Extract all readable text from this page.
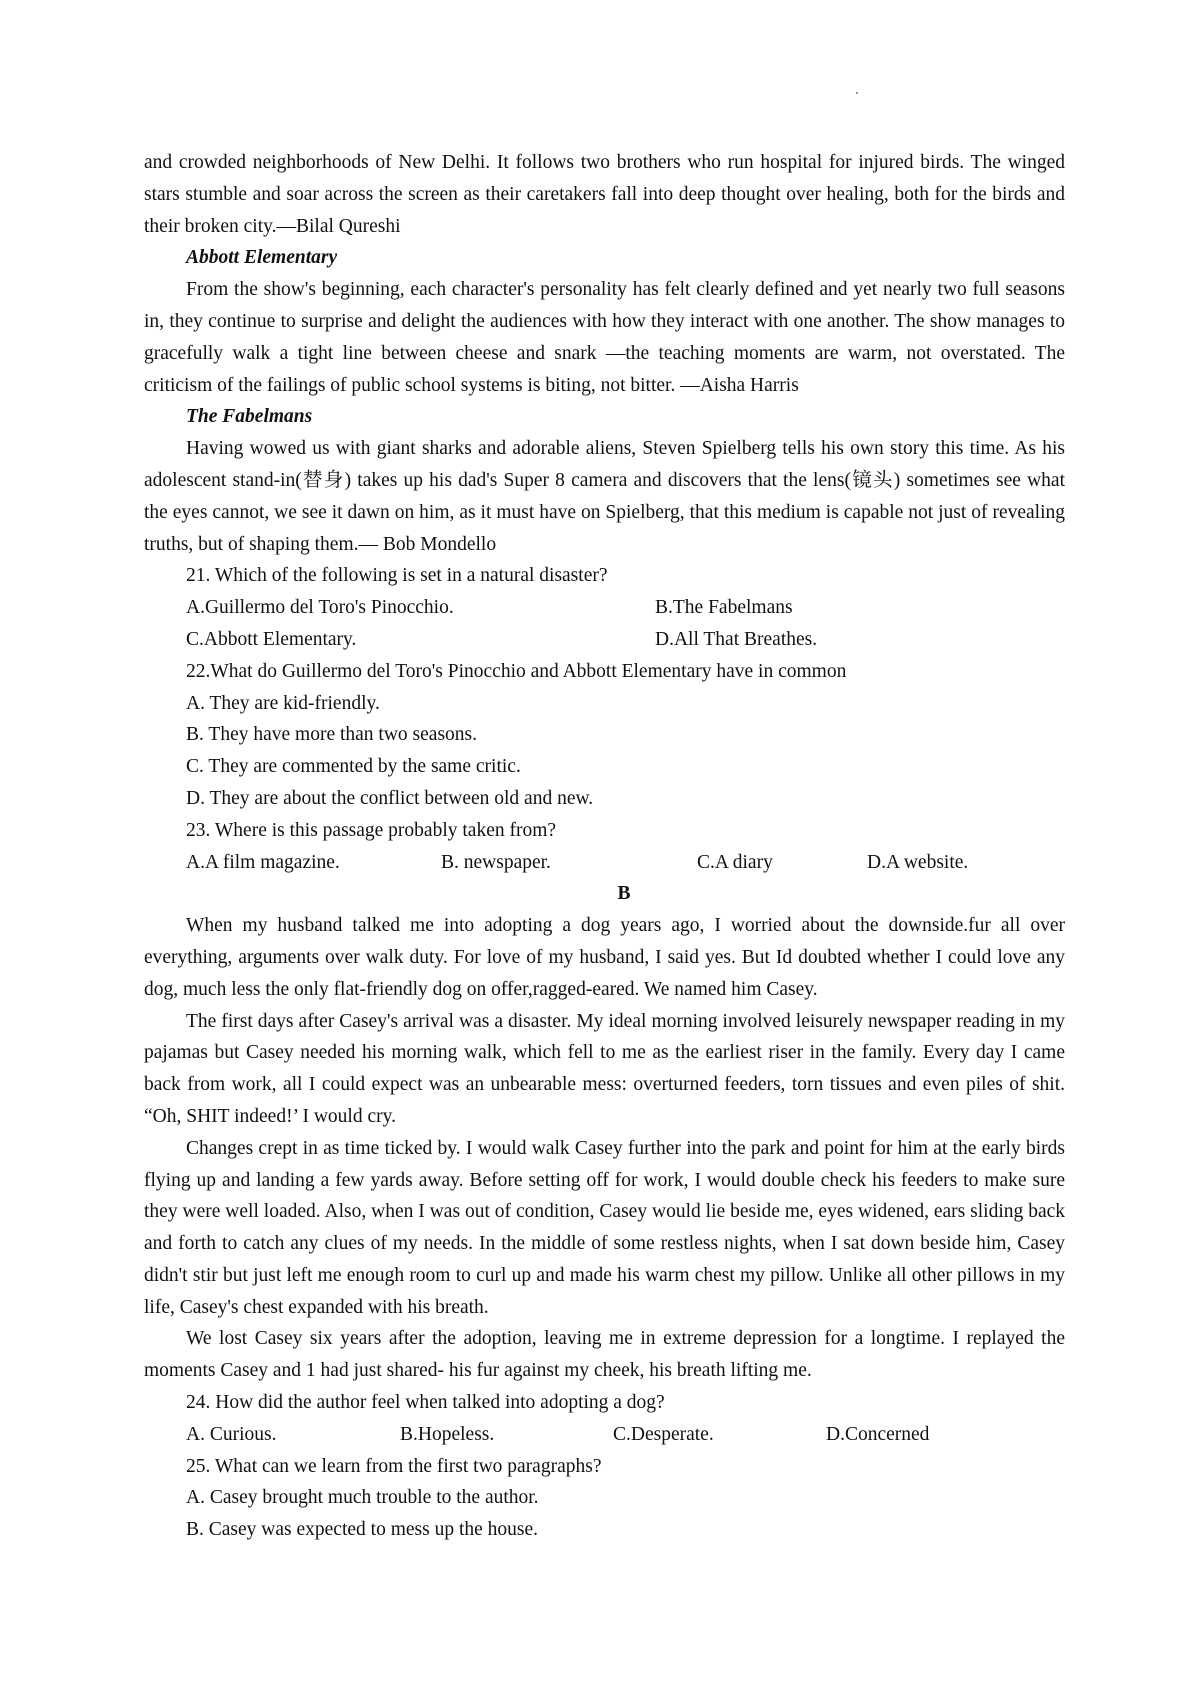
and crowded neighborhoods of New Delhi. It follows two brothers who run hospital for injured birds. The winged stars stumble and soar across the screen as their caretakers fall into deep thought over healing, both for the birds and their broken city.—Bilal Qureshi

Abbott Elementary

From the show's beginning, each character's personality has felt clearly defined and yet nearly two full seasons in, they continue to surprise and delight the audiences with how they interact with one another. The show manages to gracefully walk a tight line between cheese and snark —the teaching moments are warm, not overstated. The criticism of the failings of public school systems is biting, not bitter. —Aisha Harris

The Fabelmans

Having wowed us with giant sharks and adorable aliens, Steven Spielberg tells his own story this time. As his adolescent stand-in(替身) takes up his dad's Super 8 camera and discovers that the lens(镜头) sometimes see what the eyes cannot, we see it dawn on him, as it must have on Spielberg, that this medium is capable not just of revealing truths, but of shaping them.— Bob Mondello

21. Which of the following is set in a natural disaster?
A.Guillermo del Toro's Pinocchio.	B.The Fabelmans
C.Abbott Elementary.	D.All That Breathes.
22.What do Guillermo del Toro's Pinocchio and Abbott Elementary have in common
A. They are kid-friendly.
B. They have more than two seasons.
C. They are commented by the same critic.
D. They are about the conflict between old and new.
23. Where is this passage probably taken from?
A.A film magazine.	B. newspaper.	C.A diary	D.A website.
B

When my husband talked me into adopting a dog years ago, I worried about the downside.fur all over everything, arguments over walk duty. For love of my husband, I said yes. But Id doubted whether I could love any dog, much less the only flat-friendly dog on offer,ragged-eared. We named him Casey.

The first days after Casey's arrival was a disaster. My ideal morning involved leisurely newspaper reading in my pajamas but Casey needed his morning walk, which fell to me as the earliest riser in the family. Every day I came back from work, all I could expect was an unbearable mess: overturned feeders, torn tissues and even piles of shit. “Oh, SHIT indeed!’ I would cry.

Changes crept in as time ticked by. I would walk Casey further into the park and point for him at the early birds flying up and landing a few yards away. Before setting off for work, I would double check his feeders to make sure they were well loaded. Also, when I was out of condition, Casey would lie beside me, eyes widened, ears sliding back and forth to catch any clues of my needs. In the middle of some restless nights, when I sat down beside him, Casey didn't stir but just left me enough room to curl up and made his warm chest my pillow. Unlike all other pillows in my life, Casey's chest expanded with his breath.

We lost Casey six years after the adoption, leaving me in extreme depression for a longtime. I replayed the moments Casey and 1 had just shared- his fur against my cheek, his breath lifting me.

24. How did the author feel when talked into adopting a dog?
A. Curious.	B.Hopeless.	C.Desperate.	D.Concerned
25. What can we learn from the first two paragraphs?
A. Casey brought much trouble to the author.
B. Casey was expected to mess up the house.
